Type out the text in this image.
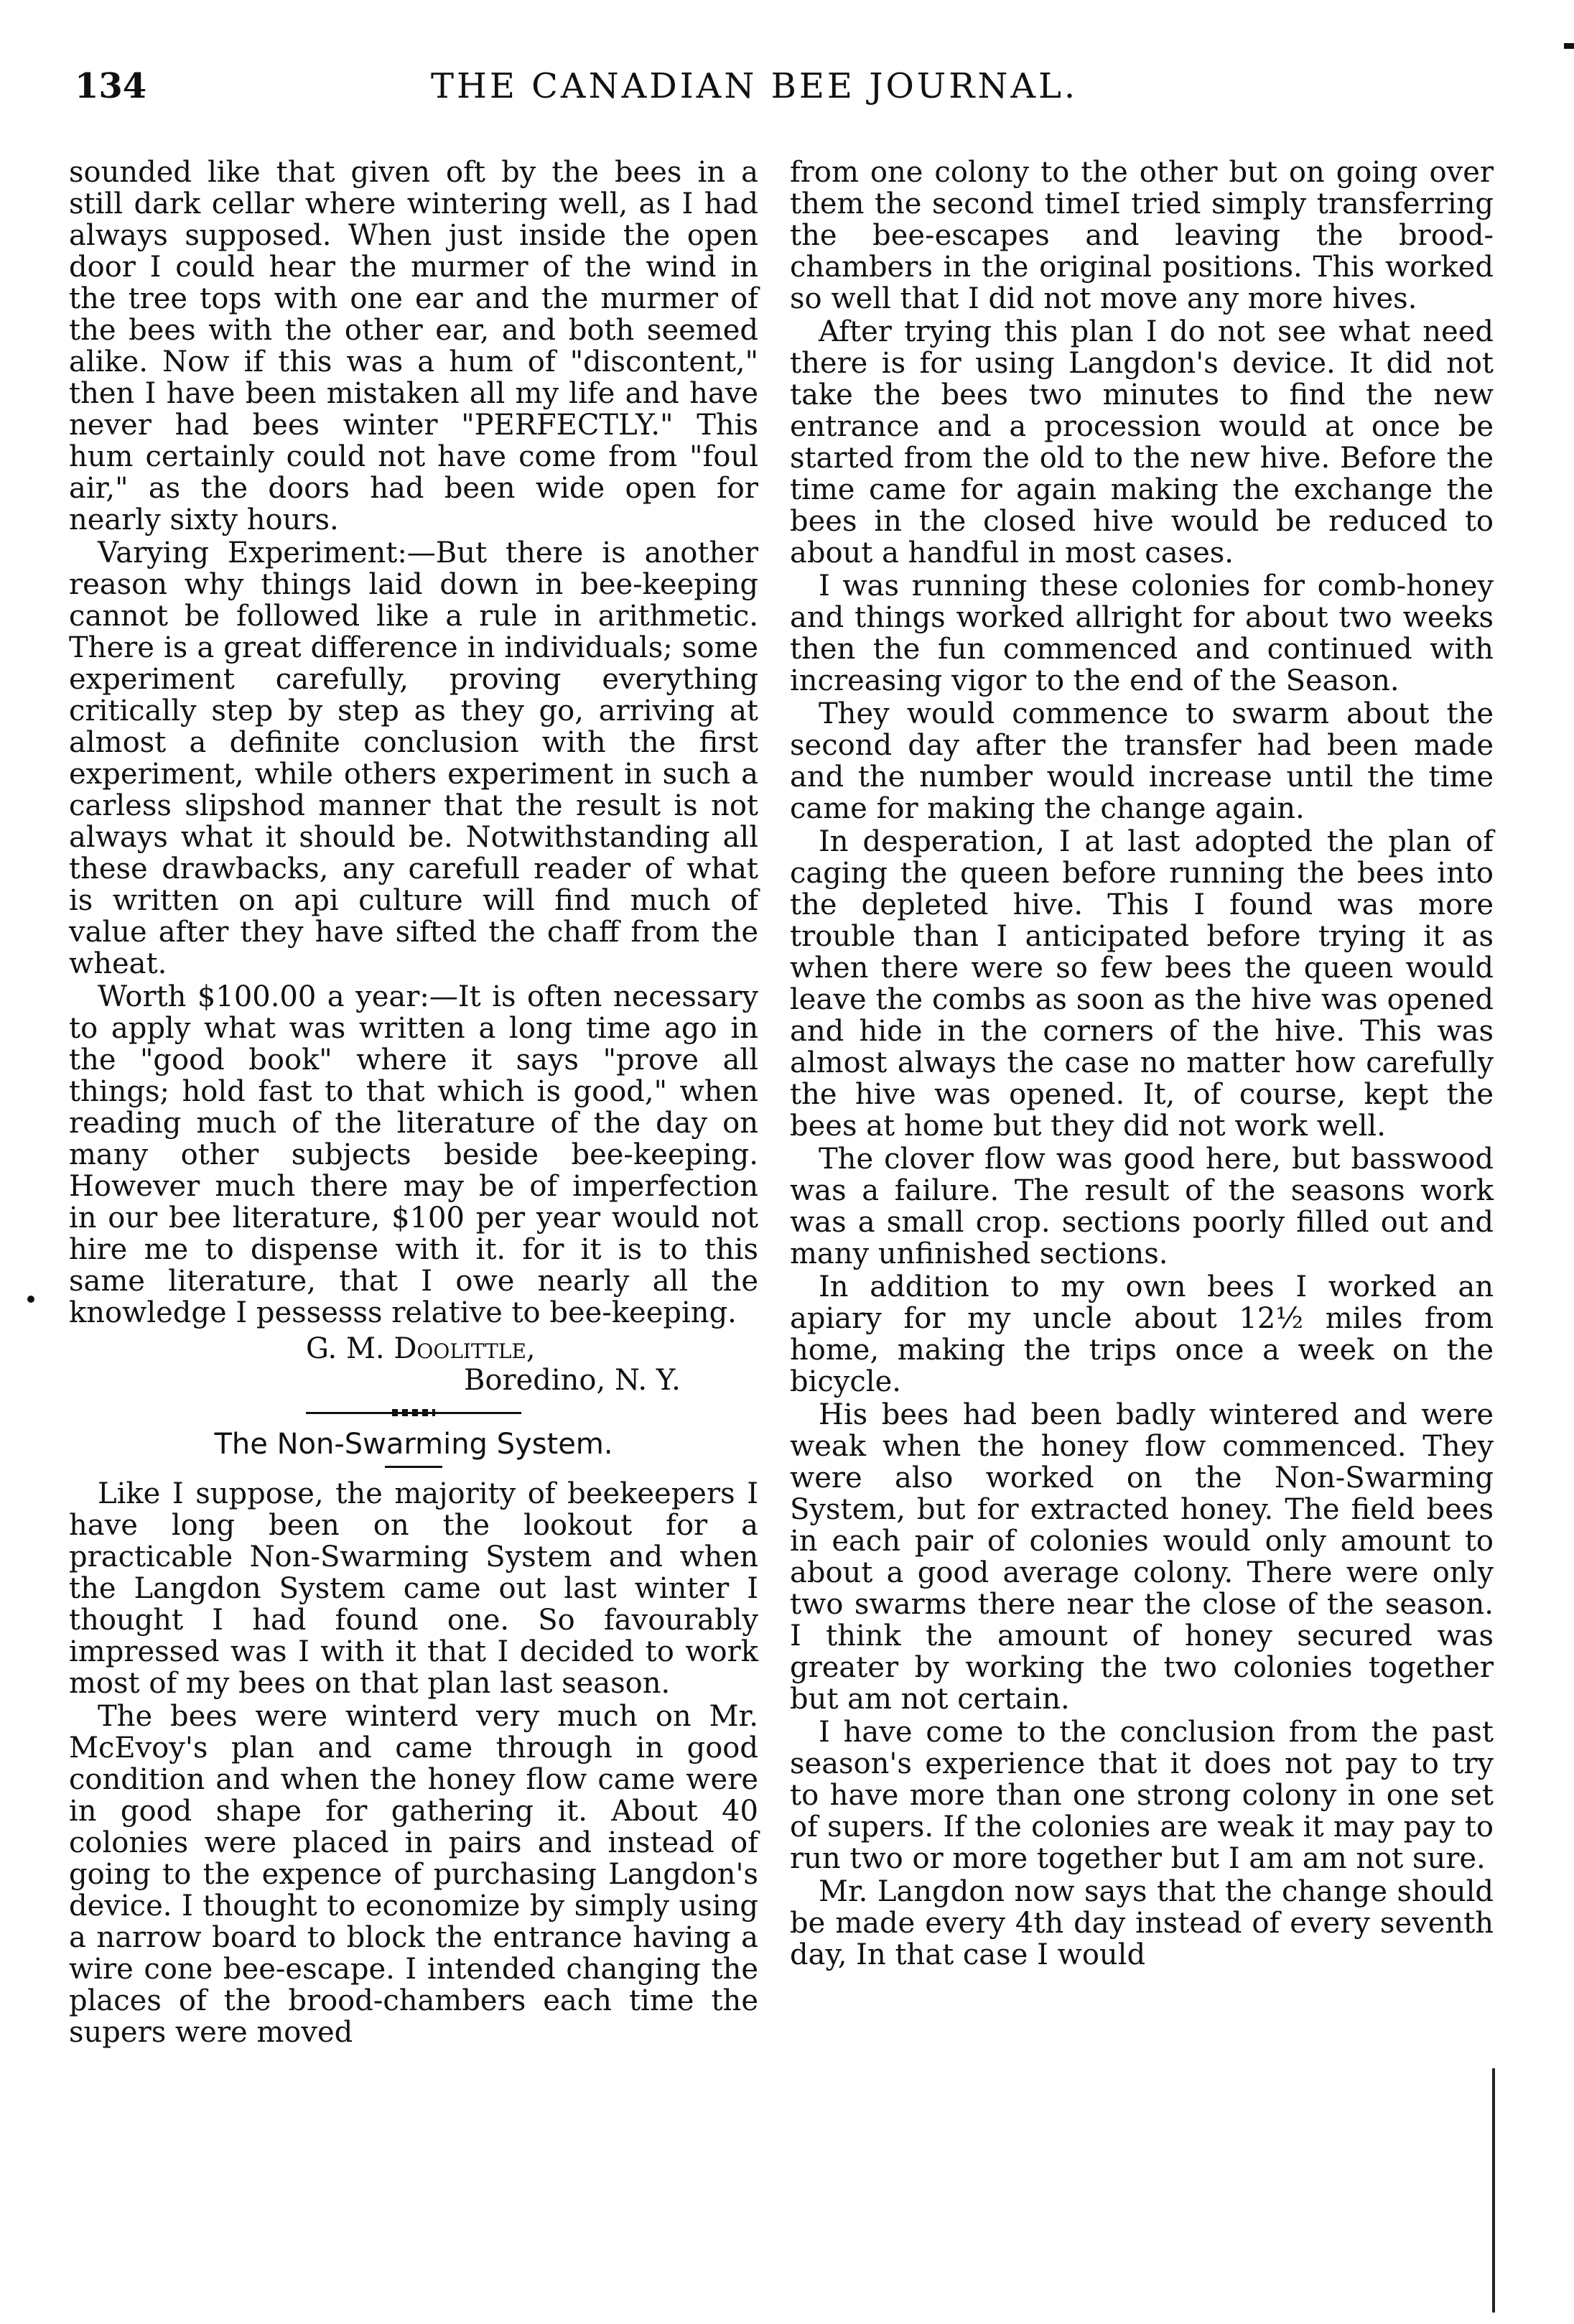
134	THE CANADIAN BEE JOURNAL.

sounded like that given oft by the bees in a still dark cellar where wintering well, as I had always supposed. When just inside the open door I could hear the murmer of the wind in the tree tops with one ear and the murmer of the bees with the other ear, and both seemed alike. Now if this was a hum of "discontent," then I have been mistaken all my life and have never had bees winter "PERFECTLY." This hum certainly could not have come from "foul air," as the doors had been wide open for nearly sixty hours.

Varying Experiment:—But there is another reason why things laid down in bee-keeping cannot be followed like a rule in arithmetic. There is a great difference in individuals; some experiment carefully, proving everything critically step by step as they go, arriving at almost a definite conclusion with the first experiment, while others experiment in such a carless slipshod manner that the result is not always what it should be. Notwithstanding all these drawbacks, any carefull reader of what is written on api culture will find much of value after they have sifted the chaff from the wheat.

Worth $100.00 a year:—It is often necessary to apply what was written a long time ago in the "good book" where it says "prove all things; hold fast to that which is good," when reading much of the literature of the day on many other subjects beside bee-keeping. However much there may be of imperfection in our bee literature, $100 per year would not hire me to dispense with it. for it is to this same literature, that I owe nearly all the knowledge I pessesss relative to bee-keeping.

G. M. Doolittle,
Boredino, N. Y.
The Non-Swarming System.

Like I suppose, the majority of beekeepers I have long been on the lookout for a practicable Non-Swarming System and when the Langdon System came out last winter I thought I had found one. So favourably impressed was I with it that I decided to work most of my bees on that plan last season.

The bees were winterd very much on Mr. McEvoy's plan and came through in good condition and when the honey flow came were in good shape for gathering it. About 40 colonies were placed in pairs and instead of going to the expence of purchasing Langdon's device. I thought to economize by simply using a narrow board to block the entrance having a wire cone bee-escape. I intended changing the places of the brood-chambers each time the supers were moved

from one colony to the other but on going over them the second timeI tried simply transferring the bee-escapes and leaving the brood-chambers in the original positions. This worked so well that I did not move any more hives.

After trying this plan I do not see what need there is for using Langdon's device. It did not take the bees two minutes to find the new entrance and a procession would at once be started from the old to the new hive. Before the time came for again making the exchange the bees in the closed hive would be reduced to about a handful in most cases.

I was running these colonies for comb-honey and things worked allright for about two weeks then the fun commenced and continued with increasing vigor to the end of the Season.

They would commence to swarm about the second day after the transfer had been made and the number would increase until the time came for making the change again.

In desperation, I at last adopted the plan of caging the queen before running the bees into the depleted hive. This I found was more trouble than I anticipated before trying it as when there were so few bees the queen would leave the combs as soon as the hive was opened and hide in the corners of the hive. This was almost always the case no matter how carefully the hive was opened. It, of course, kept the bees at home but they did not work well.

The clover flow was good here, but basswood was a failure. The result of the seasons work was a small crop. sections poorly filled out and many unfinished sections.

In addition to my own bees I worked an apiary for my uncle about 12½ miles from home, making the trips once a week on the bicycle.

His bees had been badly wintered and were weak when the honey flow commenced. They were also worked on the Non-Swarming System, but for extracted honey. The field bees in each pair of colonies would only amount to about a good average colony. There were only two swarms there near the close of the season. I think the amount of honey secured was greater by working the two colonies together but am not certain.

I have come to the conclusion from the past season's experience that it does not pay to try to have more than one strong colony in one set of supers. If the colonies are weak it may pay to run two or more together but I am am not sure.

Mr. Langdon now says that the change should be made every 4th day instead of every seventh day, In that case I would
